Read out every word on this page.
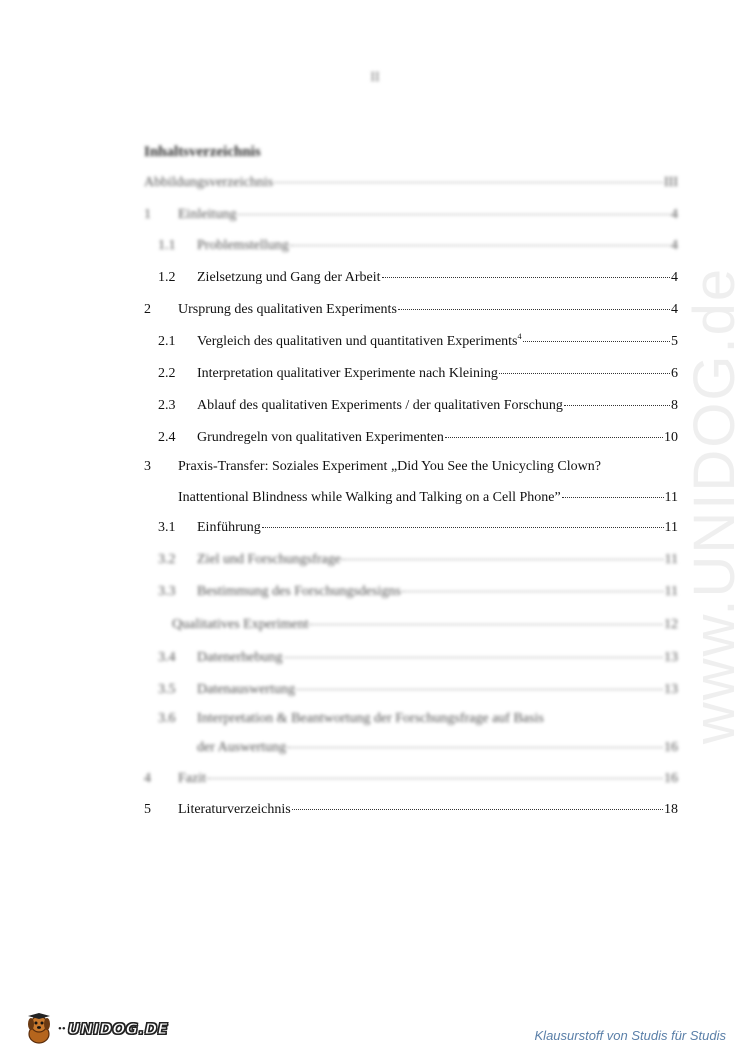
www.UNIDOG.de
II
Inhaltsverzeichnis
Abbildungsverzeichnis	III
1	Einleitung	4
1.1	Problemstellung	4
1.2	Zielsetzung und Gang der Arbeit	4
2	Ursprung des qualitativen Experiments	4
2.1	Vergleich des qualitativen und quantitativen Experiments$^4$	5
2.2	Interpretation qualitativer Experimente nach Kleining	6
2.3	Ablauf des qualitativen Experiments / der qualitativen Forschung	8
2.4	Grundregeln von qualitativen Experimenten	10
3	Praxis-Transfer: Soziales Experiment „Did You See the Unicycling Clown?
Inattentional Blindness while Walking and Talking on a Cell Phone”	11
3.1	Einführung	11
3.2	Ziel und Forschungsfrage	11
3.3	Bestimmung des Forschungsdesigns	11
Qualitatives Experiment	12
3.4	Datenerhebung	13
3.5	Datenauswertung	13
3.6	Interpretation & Beantwortung der Forschungsfrage auf Basis
der Auswertung	16
4	Fazit	16
5	Literaturverzeichnis	18
•• UNIDOG.DE	Klausurstoff von Studis für Studis
